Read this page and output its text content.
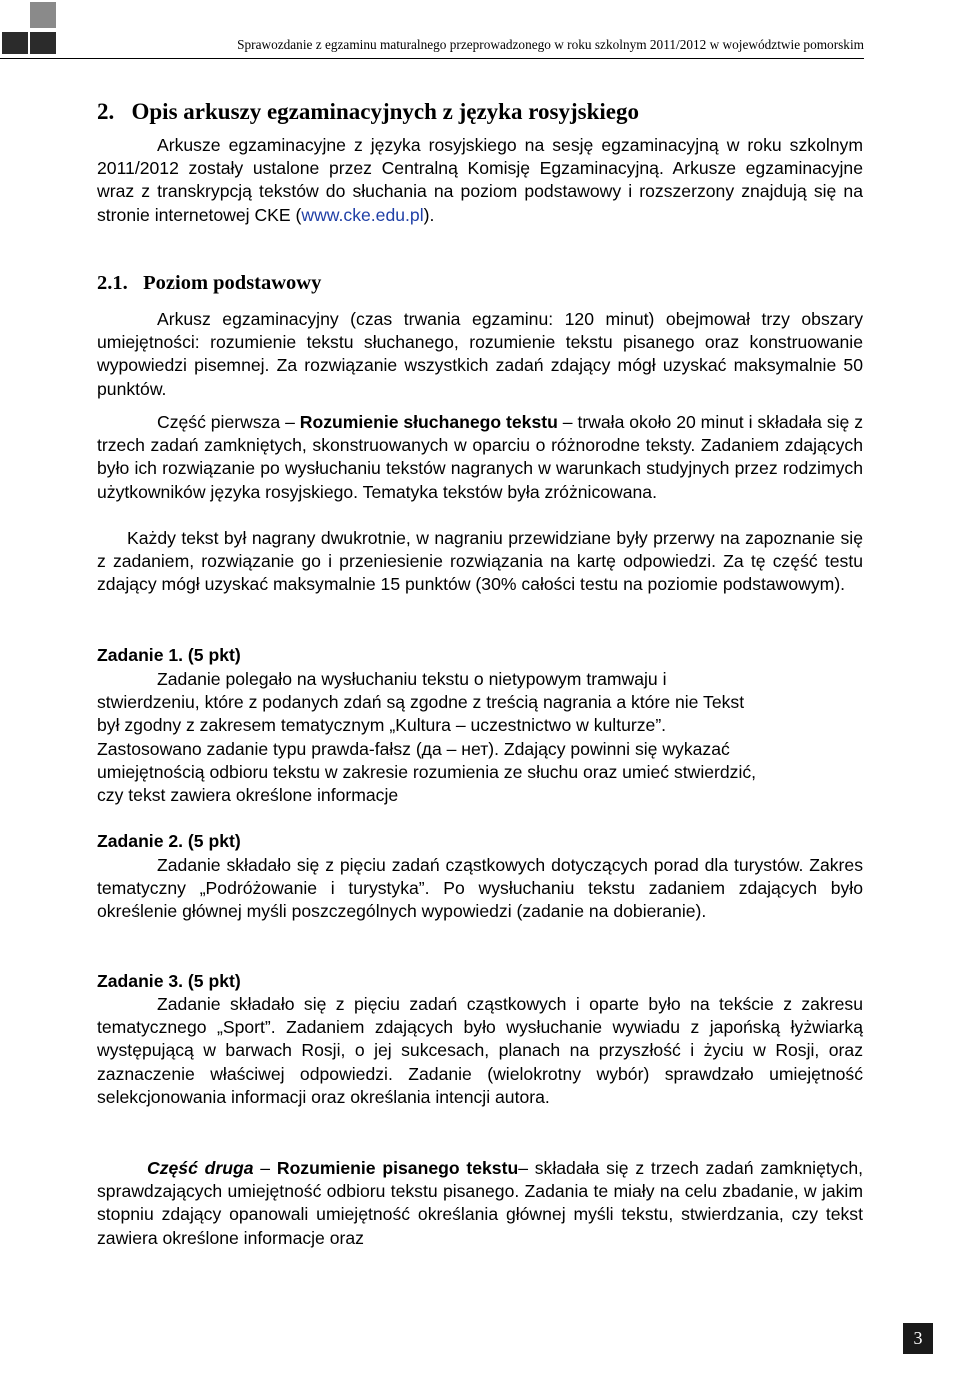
Sprawozdanie z egzaminu maturalnego przeprowadzonego w roku szkolnym 2011/2012 w województwie pomorskim
2.   Opis arkuszy egzaminacyjnych z języka rosyjskiego
Arkusze egzaminacyjne z języka rosyjskiego na sesję egzaminacyjną w roku szkolnym 2011/2012 zostały ustalone przez Centralną Komisję Egzaminacyjną. Arkusze egzaminacyjne wraz z transkrypcją tekstów do słuchania na poziom podstawowy i rozszerzony znajdują się na stronie internetowej CKE (www.cke.edu.pl).
2.1.   Poziom podstawowy
Arkusz egzaminacyjny (czas trwania egzaminu: 120 minut) obejmował trzy obszary umiejętności: rozumienie tekstu słuchanego, rozumienie tekstu pisanego oraz konstruowanie wypowiedzi pisemnej. Za rozwiązanie wszystkich zadań zdający mógł uzyskać maksymalnie 50 punktów.
Część pierwsza – Rozumienie słuchanego tekstu – trwała około 20 minut i składała się z trzech zadań zamkniętych, skonstruowanych w oparciu o różnorodne teksty. Zadaniem zdających było ich rozwiązanie po wysłuchaniu tekstów nagranych w warunkach studyjnych przez rodzimych użytkowników języka rosyjskiego. Tematyka tekstów była zróżnicowana.
Każdy tekst był nagrany dwukrotnie, w nagraniu przewidziane były przerwy na zapoznanie się z zadaniem, rozwiązanie go i przeniesienie rozwiązania na kartę odpowiedzi. Za tę część testu zdający mógł uzyskać maksymalnie 15 punktów (30% całości testu na poziomie podstawowym).
Zadanie 1. (5 pkt)
Zadanie polegało na wysłuchaniu tekstu o nietypowym tramwaju i
stwierdzeniu, które z podanych zdań są zgodne z treścią nagrania a które nie Tekst
był zgodny z zakresem tematycznym „Kultura – uczestnictwo w kulturze”.
Zastosowano zadanie typu prawda-fałsz (да – нет). Zdający powinni się wykazać
umiejętnością odbioru tekstu w zakresie rozumienia ze słuchu oraz umieć stwierdzić,
czy tekst zawiera określone informacje
Zadanie 2. (5 pkt)
Zadanie składało się z pięciu zadań cząstkowych dotyczących porad dla turystów. Zakres tematyczny „Podróżowanie i turystyka”. Po wysłuchaniu tekstu zadaniem zdających było określenie głównej myśli poszczególnych wypowiedzi (zadanie na dobieranie).
Zadanie 3. (5 pkt)
Zadanie składało się z pięciu zadań cząstkowych i oparte było na tekście z zakresu tematycznego „Sport”. Zadaniem zdających było wysłuchanie wywiadu z japońską łyżwiarką występującą w barwach Rosji, o jej sukcesach, planach na przyszłość i życiu w Rosji, oraz zaznaczenie właściwej odpowiedzi. Zadanie (wielokrotny wybór) sprawdzało umiejętność selekcjonowania informacji oraz określania intencji autora.
Część druga – Rozumienie pisanego tekstu– składała się z trzech zadań zamkniętych, sprawdzających umiejętność odbioru tekstu pisanego. Zadania te miały na celu zbadanie, w jakim stopniu zdający opanowali umiejętność określania głównej myśli tekstu, stwierdzania, czy tekst zawiera określone informacje oraz
3
